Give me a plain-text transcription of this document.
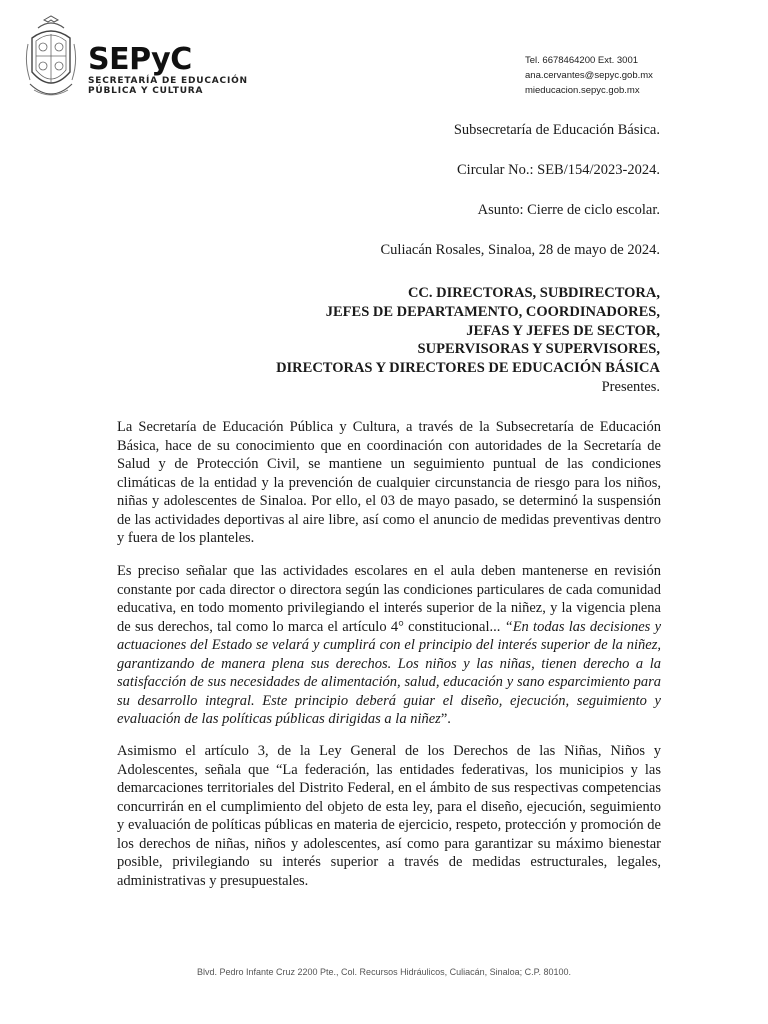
SEPyC
SECRETARÍA DE EDUCACIÓN
PÚBLICA Y CULTURA
Tel. 6678464200 Ext. 3001
ana.cervantes@sepyc.gob.mx
mieducacion.sepyc.gob.mx
Subsecretaría de Educación Básica.
Circular No.: SEB/154/2023-2024.
Asunto: Cierre de ciclo escolar.
Culiacán Rosales, Sinaloa, 28 de mayo de 2024.
CC. DIRECTORAS, SUBDIRECTORA,
JEFES DE DEPARTAMENTO, COORDINADORES,
JEFAS Y JEFES DE SECTOR,
SUPERVISORAS Y SUPERVISORES,
DIRECTORAS Y DIRECTORES DE EDUCACIÓN BÁSICA
Presentes.

La Secretaría de Educación Pública y Cultura, a través de la Subsecretaría de Educación Básica, hace de su conocimiento que en coordinación con autoridades de la Secretaría de Salud y de Protección Civil, se mantiene un seguimiento puntual de las condiciones climáticas de la entidad y la prevención de cualquier circunstancia de riesgo para los niños, niñas y adolescentes de Sinaloa. Por ello, el 03 de mayo pasado, se determinó la suspensión de las actividades deportivas al aire libre, así como el anuncio de medidas preventivas dentro y fuera de los planteles.

Es preciso señalar que las actividades escolares en el aula deben mantenerse en revisión constante por cada director o directora según las condiciones particulares de cada comunidad educativa, en todo momento privilegiando el interés superior de la niñez, y la vigencia plena de sus derechos, tal como lo marca el artículo 4° constitucional... “En todas las decisiones y actuaciones del Estado se velará y cumplirá con el principio del interés superior de la niñez, garantizando de manera plena sus derechos. Los niños y las niñas, tienen derecho a la satisfacción de sus necesidades de alimentación, salud, educación y sano esparcimiento para su desarrollo integral. Este principio deberá guiar el diseño, ejecución, seguimiento y evaluación de las políticas públicas dirigidas a la niñez”.

Asimismo el artículo 3, de la Ley General de los Derechos de las Niñas, Niños y Adolescentes, señala que “La federación, las entidades federativas, los municipios y las demarcaciones territoriales del Distrito Federal, en el ámbito de sus respectivas competencias concurrirán en el cumplimiento del objeto de esta ley, para el diseño, ejecución, seguimiento y evaluación de políticas públicas en materia de ejercicio, respeto, protección y promoción de los derechos de niñas, niños y adolescentes, así como para garantizar su máximo bienestar posible, privilegiando su interés superior a través de medidas estructurales, legales, administrativas y presupuestales.

Blvd. Pedro Infante Cruz 2200 Pte., Col. Recursos Hidráulicos, Culiacán, Sinaloa; C.P. 80100.
